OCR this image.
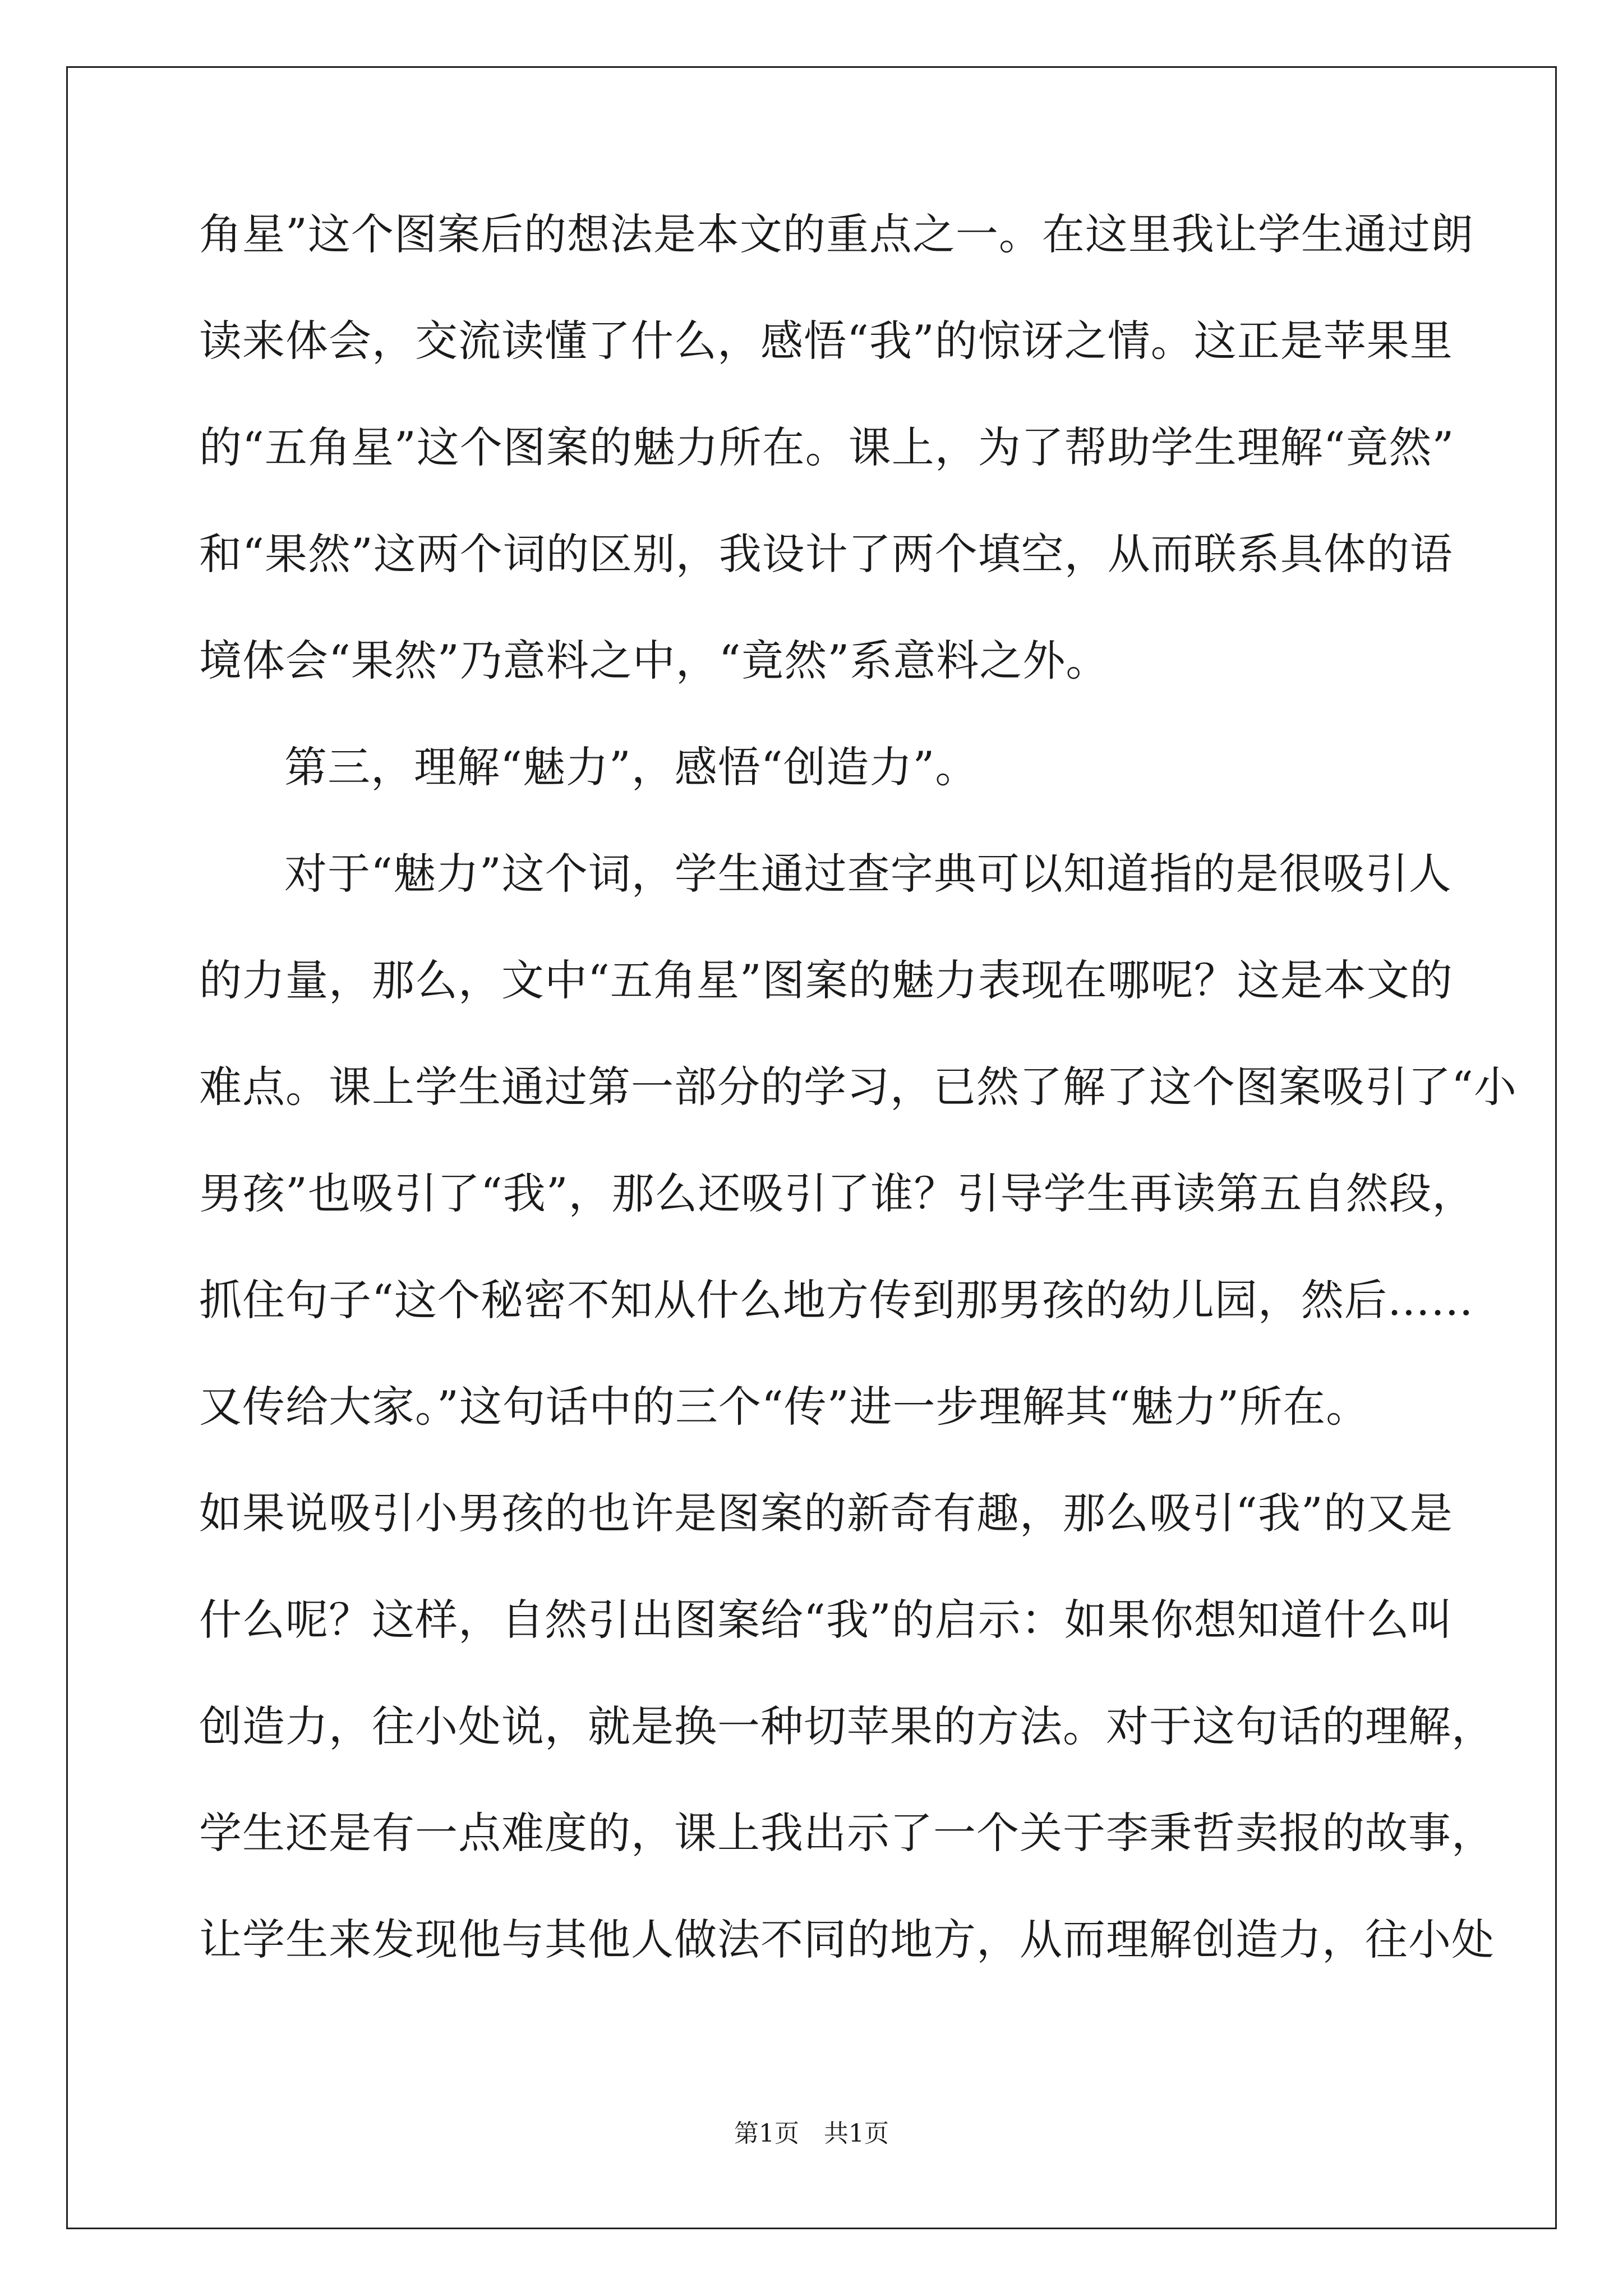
角星”这个图案后的想法是本文的重点之一。在这里我让学生通过朗
读来体会，交流读懂了什么，感悟“我”的惊讶之情。这正是苹果里
的“五角星”这个图案的魅力所在。课上，为了帮助学生理解“竟然”
和“果然”这两个词的区别，我设计了两个填空，从而联系具体的语
境体会“果然”乃意料之中，“竟然”系意料之外。
第三，理解“魅力”，感悟“创造力”。
对于“魅力”这个词，学生通过查字典可以知道指的是很吸引人
的力量，那么，文中“五角星”图案的魅力表现在哪呢？这是本文的
难点。课上学生通过第一部分的学习，已然了解了这个图案吸引了“小
男孩”也吸引了“我”，那么还吸引了谁？引导学生再读第五自然段，
抓住句子“这个秘密不知从什么地方传到那男孩的幼儿园，然后……
又传给大家。”这句话中的三个“传”进一步理解其“魅力”所在。
如果说吸引小男孩的也许是图案的新奇有趣，那么吸引“我”的又是
什么呢？这样，自然引出图案给“我”的启示：如果你想知道什么叫
创造力，往小处说，就是换一种切苹果的方法。对于这句话的理解，
学生还是有一点难度的，课上我出示了一个关于李秉哲卖报的故事，
让学生来发现他与其他人做法不同的地方，从而理解创造力，往小处
第1页　共1页
